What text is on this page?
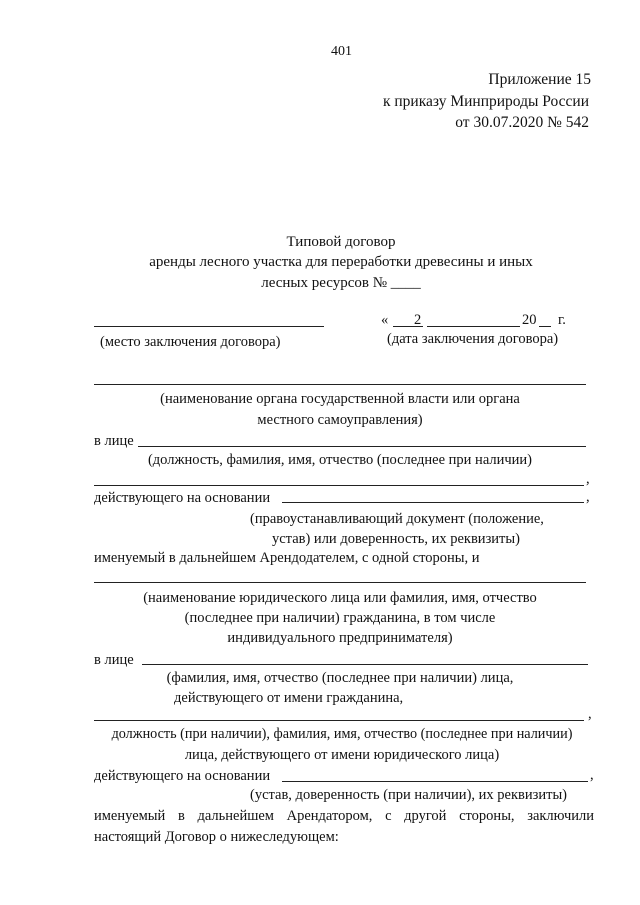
401
Приложение 15
к приказу Минприроды России
от 30.07.2020 № 542
Типовой договор
аренды лесного участка для переработки древесины и иных
лесных ресурсов № ____
« 2	20 г.
(место заключения договора)	(дата заключения договора)
(наименование органа государственной власти или органа
местного самоуправления)
в лице
(должность, фамилия, имя, отчество (последнее при наличии)
,
действующего на основании	,
(правоустанавливающий документ (положение,
устав) или доверенность, их реквизиты)
именуемый в дальнейшем Арендодателем, с одной стороны, и
(наименование юридического лица или фамилия, имя, отчество
(последнее при наличии) гражданина, в том числе
индивидуального предпринимателя)
в лице
(фамилия, имя, отчество (последнее при наличии) лица,
действующего от имени гражданина,
,
должность (при наличии), фамилия, имя, отчество (последнее при наличии)
лица, действующего от имени юридического лица)
действующего на основании	,
(устав, доверенность (при наличии), их реквизиты)
именуемый в дальнейшем Арендатором, с другой стороны, заключили
настоящий Договор о нижеследующем:
